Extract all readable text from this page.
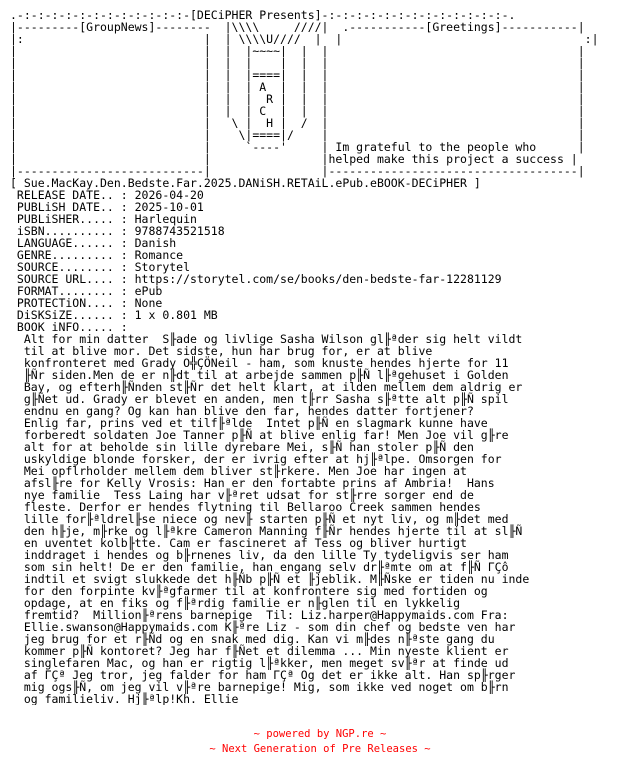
.-:-:-:-:-:-:-:-:-:-:-:-:-[DECiPHER Presents]-:-:-:-:-:-:-:-:-:-:-:-:-:-.
|---------[GroupNews]--------  |\\\\     ////|  .-----------[Greetings]-----------|
|:                          |  | \\\\U////  |  |                                   :|
|                           |  |  |~~~~|  |  |                                    |
|                           |  |  |    |  |  |                                    |
|                           |  |  |====|  |  |                                    |
|                           |  |  | A  |  |  |                                    |
|                           |  |  |  R |  |  |                                    |
|                           |  |  | C  |  |  |                                    |
|                           |   \ |  H |  /  |                                    |
|                           |    \|====|/    |                                    |
|                           |     `----'     | Im grateful to the people who      |
|                           |                |helped make this project a success |
|---------------------------|                |------------------------------------|
[ Sue.MacKay.Den.Bedste.Far.2025.DANiSH.RETAiL.ePub.eBOOK-DECiPHER ]
RELEASE DATE.. : 2026-04-20
PUBLiSH DATE.. : 2025-10-01
PUBLiSHER..... : Harlequin
iSBN.......... : 9788743521518
LANGUAGE...... : Danish
GENRE......... : Romance
SOURCE........ : Storytel
SOURCE URL.... : https://storytel.com/se/books/den-bedste-far-12281129
FORMAT........ : ePub
PROTECTiON.... : None
DiSKSiZE...... : 1 x 0.801 MB
BOOK iNFO..... :
Alt for min datter  S╟ade og livlige Sasha Wilson gl╟ªder sig helt vildt
til at blive mor. Det sidste, hun har brug for, er at blive
konfronteret med Grady O╬ÇÖNeil - ham, som knuste hendes hjerte for 11
╟Ñr siden.Men de er n╟dt til at arbejde sammen p╟Ñ l╟ªgehuset i Golden
Bay, og efterh╟Ñnden st╟Ñr det helt klart, at ilden mellem dem aldrig er
g╟Ñet ud. Grady er blevet en anden, men t╟rr Sasha s╟ªtte alt p╟Ñ spil
endnu en gang? Og kan han blive den far, hendes datter fortjener?
Enlig far, prins ved et tilf╟ªlde  Intet p╟Ñ en slagmark kunne have
forberedt soldaten Joe Tanner p╟Ñ at blive enlig far! Men Joe vil g╟re
alt for at beholde sin lille dyrebare Mei, s╟Ñ han stoler p╟Ñ den
uskyldige blonde forsker, der er ivrig efter at hj╟ªlpe. Omsorgen for
Mei opflrholder mellem dem bliver st╟rkere. Men Joe har ingen at
afsl╟re for Kelly Vrosis: Han er den fortabte prins af Ambria!  Hans
nye familie  Tess Laing har v╟ªret udsat for st╟rre sorger end de
fleste. Derfor er hendes flytning til Bellaroo Creek sammen hendes
lille for╟ªldrel╟se niece og nev╟ starten p╟Ñ et nyt liv, og m╟det med
den h╟je, m╟rke og l╟ªkre Cameron Manning f╟Ñr hendes hjerte til at sl╟Ñ
en uventet kolb╟tte. Cam er fascineret af Tess og bliver hurtigt
inddraget i hendes og b╟rnenes liv, da den lille Ty tydeligvis ser ham
som sin helt! De er den familie, han engang selv dr╟ªmte om at f╟Ñ ΓÇô
indtil et svigt slukkede det h╟Ñb p╟Ñ et ╟jeblik. M╟Ñske er tiden nu inde
for den forpinte kv╟ªgfarmer til at konfrontere sig med fortiden og
opdage, at en fiks og f╟ªrdig familie er n╟glen til en lykkelig
fremtid?  Million╟ªrens barnepige  Til: Liz.harper@Happymaids.com Fra:
Ellie.swanson@Happymaids.com K╟ªre Liz - som din chef og bedste ven har
jeg brug for et r╟Ñd og en snak med dig. Kan vi m╟des n╟ªste gang du
kommer p╟Ñ kontoret? Jeg har f╟Ñet et dilemma ... Min nyeste klient er
singlefaren Mac, og han er rigtig l╟ªkker, men meget sv╟ªr at finde ud
af ΓÇª Jeg tror, jeg falder for ham ΓÇª Og det er ikke alt. Han sp╟rger
mig ogs╟Ñ, om jeg vil v╟ªre barnepige! Mig, som ikke ved noget om b╟rn
og familieliv. Hj╟ªlp!Kh. Ellie

~ powered by NGP.re ~
~ Next Generation of Pre Releases ~
